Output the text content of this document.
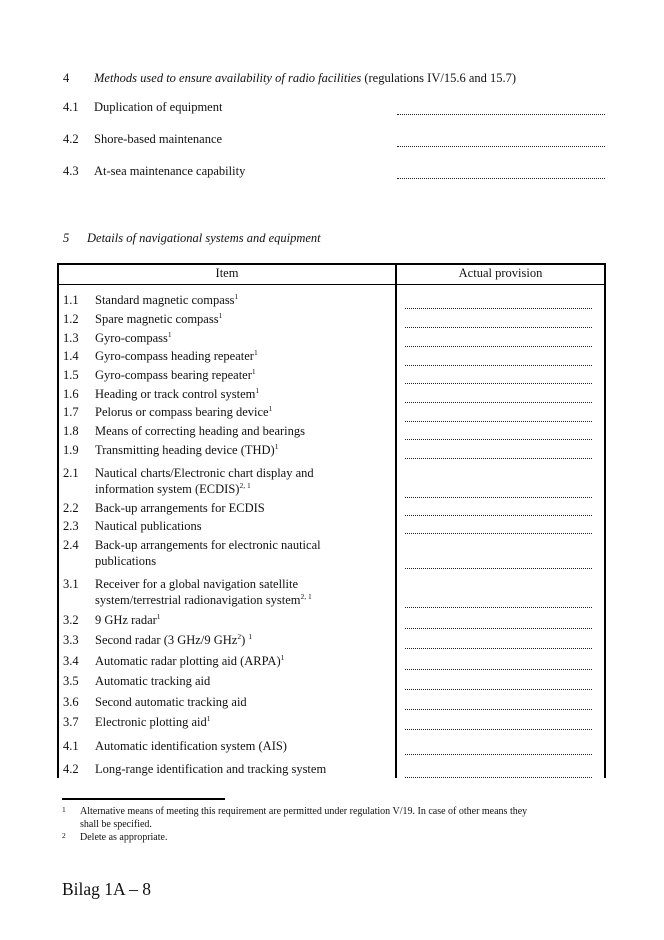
4 Methods used to ensure availability of radio facilities (regulations IV/15.6 and 15.7)
4.1 Duplication of equipment
4.2 Shore-based maintenance
4.3 At-sea maintenance capability
5 Details of navigational systems and equipment
Item	Actual provision
1.1 Standard magnetic compass$^1$
1.2 Spare magnetic compass$^1$
1.3 Gyro-compass$^1$
1.4 Gyro-compass heading repeater$^1$
1.5 Gyro-compass bearing repeater$^1$
1.6 Heading or track control system$^1$
1.7 Pelorus or compass bearing device$^1$
1.8 Means of correcting heading and bearings
1.9 Transmitting heading device (THD)$^1$
2.1 Nautical charts/Electronic chart display and
information system (ECDIS)$^{2, 1}$
2.2 Back-up arrangements for ECDIS
2.3 Nautical publications
2.4 Back-up arrangements for electronic nautical
publications
3.1 Receiver for a global navigation satellite
system/terrestrial radionavigation system$^{2, 1}$
3.2 9 GHz radar$^1$
3.3 Second radar (3 GHz/9 GHz$^2$) $^1$
3.4 Automatic radar plotting aid (ARPA)$^1$
3.5 Automatic tracking aid
3.6 Second automatic tracking aid
3.7 Electronic plotting aid$^1$
4.1 Automatic identification system (AIS)
4.2 Long-range identification and tracking system
1 Alternative means of meeting this requirement are permitted under regulation V/19. In case of other means they
shall be specified.
2 Delete as appropriate.
Bilag 1A – 8
